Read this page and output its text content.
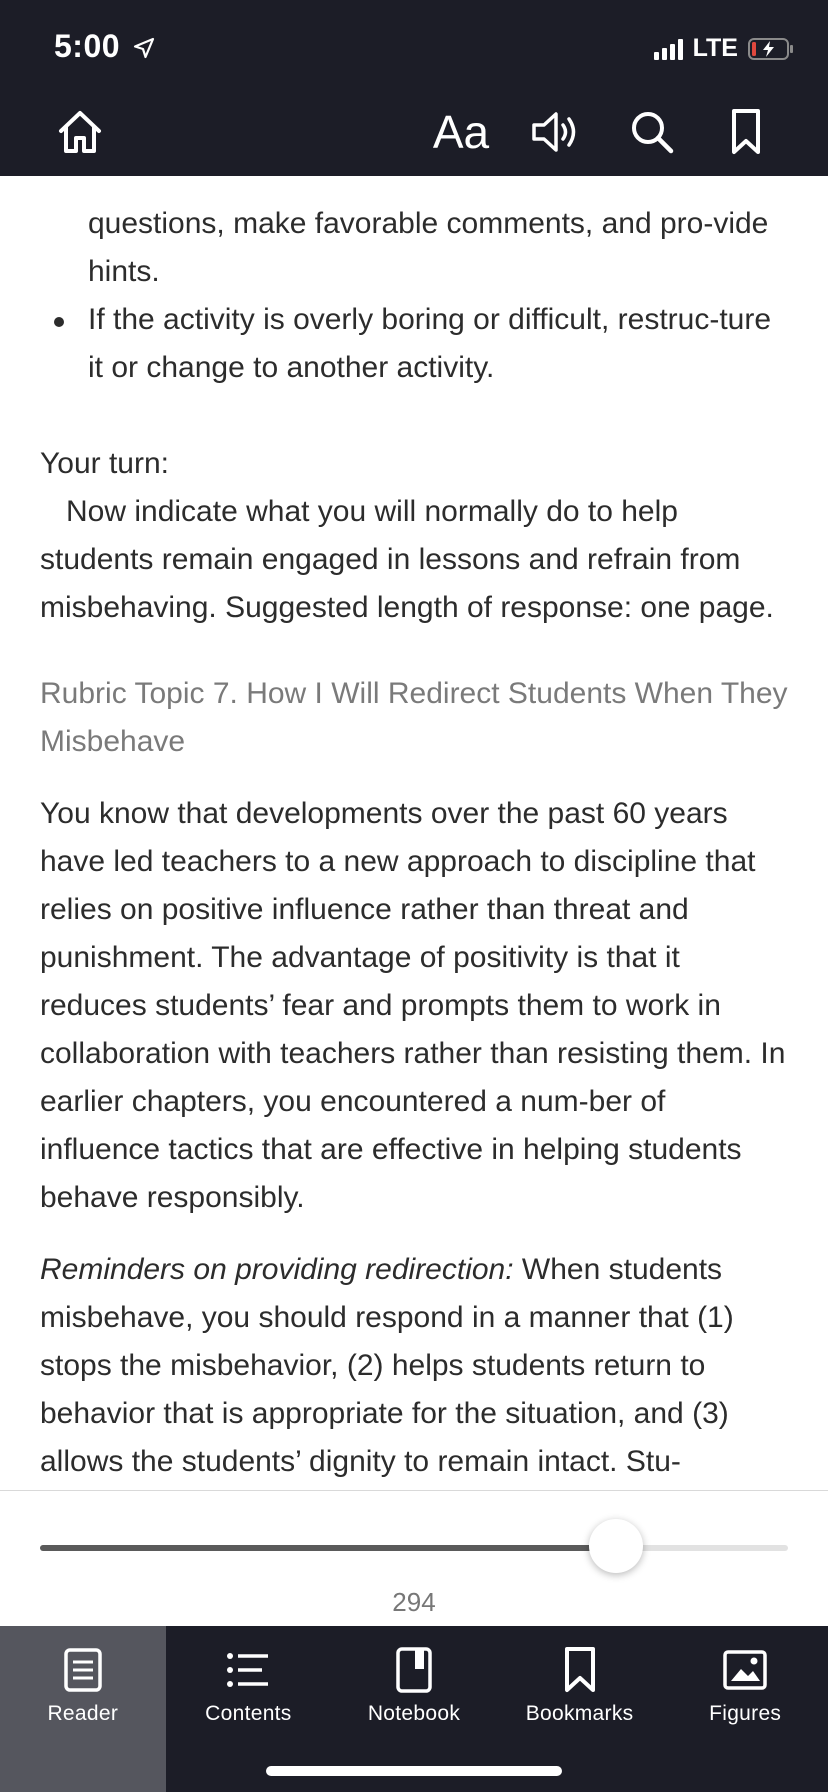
5:00	LTE
Aa
questions, make favorable comments, and pro-vide hints.
If the activity is overly boring or difficult, restruc-ture it or change to another activity.
Your turn:
Now indicate what you will normally do to help students remain engaged in lessons and refrain from misbehaving. Suggested length of response: one page.
Rubric Topic 7. How I Will Redirect Students When They Misbehave
You know that developments over the past 60 years have led teachers to a new approach to discipline that relies on positive influence rather than threat and punishment. The advantage of positivity is that it reduces students’ fear and prompts them to work in collaboration with teachers rather than resisting them. In earlier chapters, you encountered a num-ber of influence tactics that are effective in helping students behave responsibly.
Reminders on providing redirection: When students misbehave, you should respond in a manner that (1) stops the misbehavior, (2) helps students return to behavior that is appropriate for the situation, and (3) allows the students’ dignity to remain intact. Stu-
294
Reader	Contents	Notebook	Bookmarks	Figures
